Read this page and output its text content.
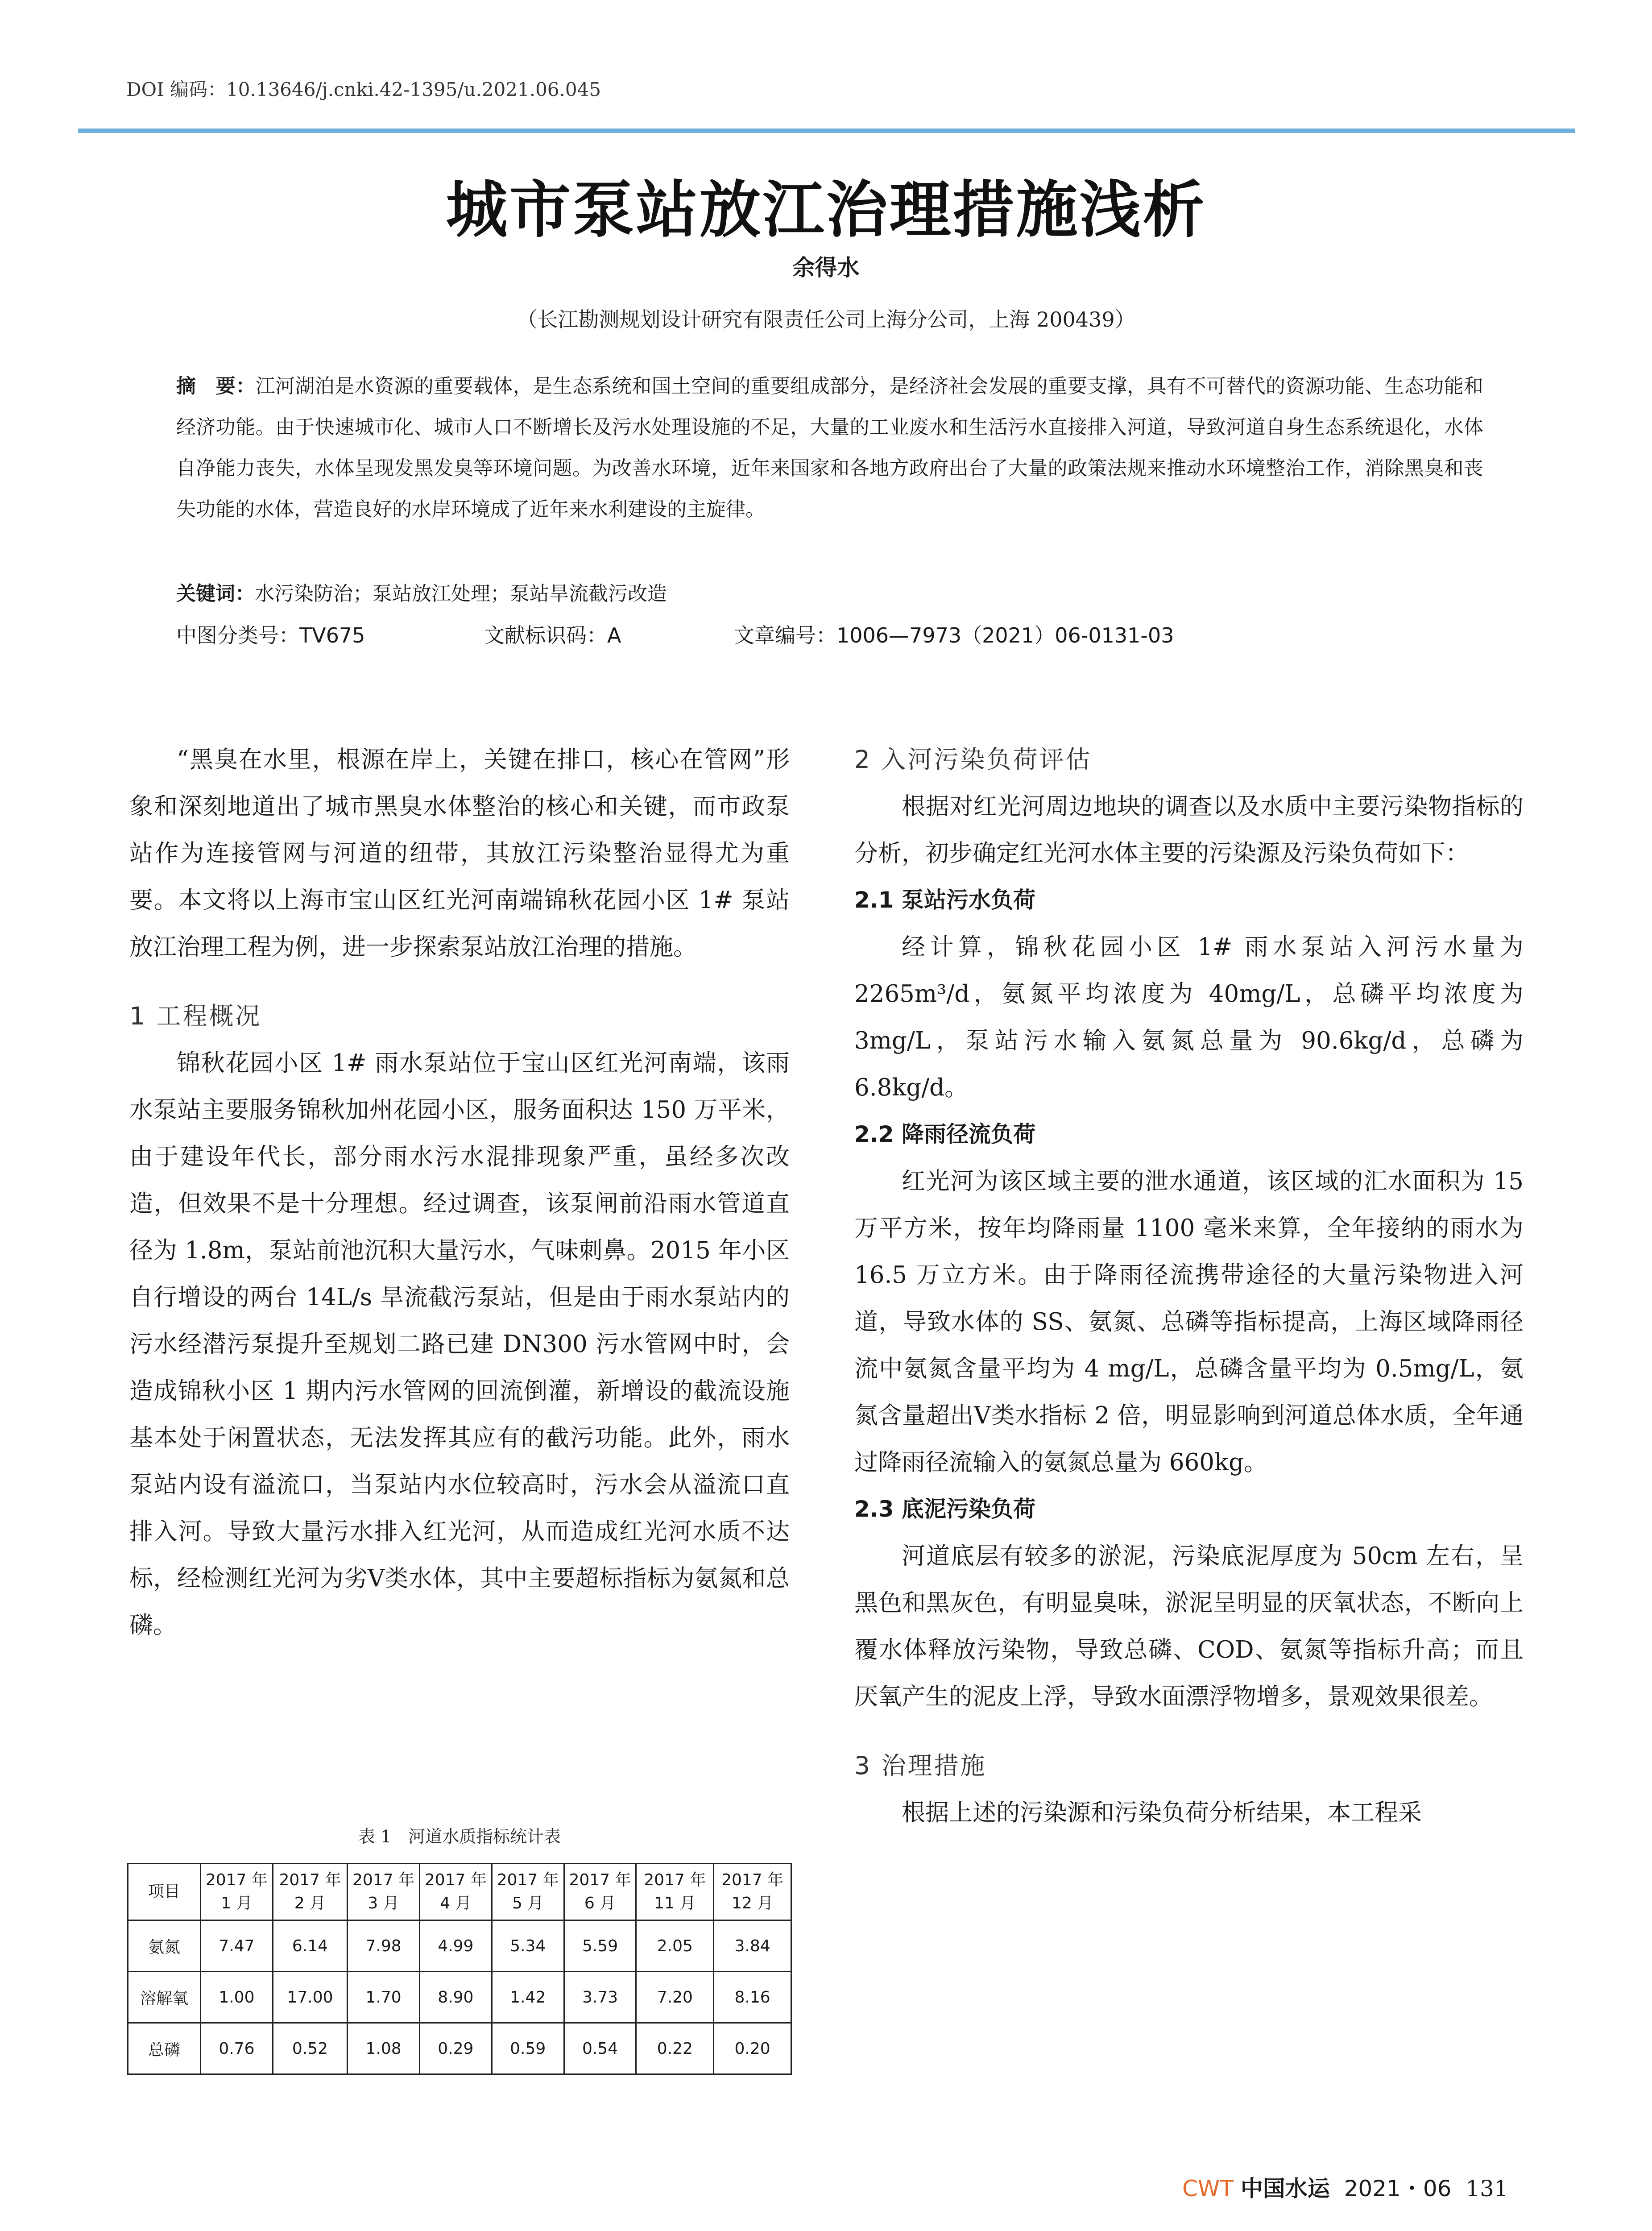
DOI 编码：10.13646/j.cnki.42-1395/u.2021.06.045
城市泵站放江治理措施浅析
余得水
（长江勘测规划设计研究有限责任公司上海分公司，上海 200439）
摘　要：江河湖泊是水资源的重要载体，是生态系统和国土空间的重要组成部分，是经济社会发展的重要支撑，具有不可替代的资源功能、生态功能和经济功能。由于快速城市化、城市人口不断增长及污水处理设施的不足，大量的工业废水和生活污水直接排入河道，导致河道自身生态系统退化，水体自净能力丧失，水体呈现发黑发臭等环境问题。为改善水环境，近年来国家和各地方政府出台了大量的政策法规来推动水环境整治工作，消除黑臭和丧失功能的水体，营造良好的水岸环境成了近年来水利建设的主旋律。
关键词：水污染防治；泵站放江处理；泵站旱流截污改造
中图分类号：TV675	文献标识码：A	文章编号：1006—7973（2021）06-0131-03

“黑臭在水里，根源在岸上，关键在排口，核心在管网”形象和深刻地道出了城市黑臭水体整治的核心和关键，而市政泵站作为连接管网与河道的纽带，其放江污染整治显得尤为重要。本文将以上海市宝山区红光河南端锦秋花园小区 1# 泵站放江治理工程为例，进一步探索泵站放江治理的措施。

1 工程概况

锦秋花园小区 1# 雨水泵站位于宝山区红光河南端，该雨水泵站主要服务锦秋加州花园小区，服务面积达 150 万平米，由于建设年代长，部分雨水污水混排现象严重，虽经多次改造，但效果不是十分理想。经过调查，该泵闸前沿雨水管道直径为 1.8m，泵站前池沉积大量污水，气味刺鼻。2015 年小区自行增设的两台 14L/s 旱流截污泵站，但是由于雨水泵站内的污水经潜污泵提升至规划二路已建 DN300 污水管网中时，会造成锦秋小区 1 期内污水管网的回流倒灌，新增设的截流设施基本处于闲置状态，无法发挥其应有的截污功能。此外，雨水泵站内设有溢流口，当泵站内水位较高时，污水会从溢流口直排入河。导致大量污水排入红光河，从而造成红光河水质不达标，经检测红光河为劣Ⅴ类水体，其中主要超标指标为氨氮和总磷。

2 入河污染负荷评估

根据对红光河周边地块的调查以及水质中主要污染物指标的分析，初步确定红光河水体主要的污染源及污染负荷如下：

2.1 泵站污水负荷

经计算，锦秋花园小区 1# 雨水泵站入河污水量为 2265m³/d，氨氮平均浓度为 40mg/L，总磷平均浓度为 3mg/L，泵站污水输入氨氮总量为 90.6kg/d，总磷为 6.8kg/d。

2.2 降雨径流负荷

红光河为该区域主要的泄水通道，该区域的汇水面积为 15 万平方米，按年均降雨量 1100 毫米来算，全年接纳的雨水为 16.5 万立方米。由于降雨径流携带途径的大量污染物进入河道，导致水体的 SS、氨氮、总磷等指标提高，上海区域降雨径流中氨氮含量平均为 4 mg/L，总磷含量平均为 0.5mg/L，氨氮含量超出Ⅴ类水指标 2 倍，明显影响到河道总体水质，全年通过降雨径流输入的氨氮总量为 660kg。

2.3 底泥污染负荷

河道底层有较多的淤泥，污染底泥厚度为 50cm 左右，呈黑色和黑灰色，有明显臭味，淤泥呈明显的厌氧状态，不断向上覆水体释放污染物，导致总磷、COD、氨氮等指标升高；而且厌氧产生的泥皮上浮，导致水面漂浮物增多，景观效果很差。

3 治理措施

根据上述的污染源和污染负荷分析结果，本工程采

表 1　河道水质指标统计表
项目	2017 年 1 月	2017 年 2 月	2017 年 3 月	2017 年 4 月	2017 年 5 月	2017 年 6 月	2017 年 11 月	2017 年 12 月
氨氮	7.47	6.14	7.98	4.99	5.34	5.59	2.05	3.84
溶解氧	1.00	17.00	1.70	8.90	1.42	3.73	7.20	8.16
总磷	0.76	0.52	1.08	0.29	0.59	0.54	0.22	0.20
CWT 中国水运 2021・06 131
